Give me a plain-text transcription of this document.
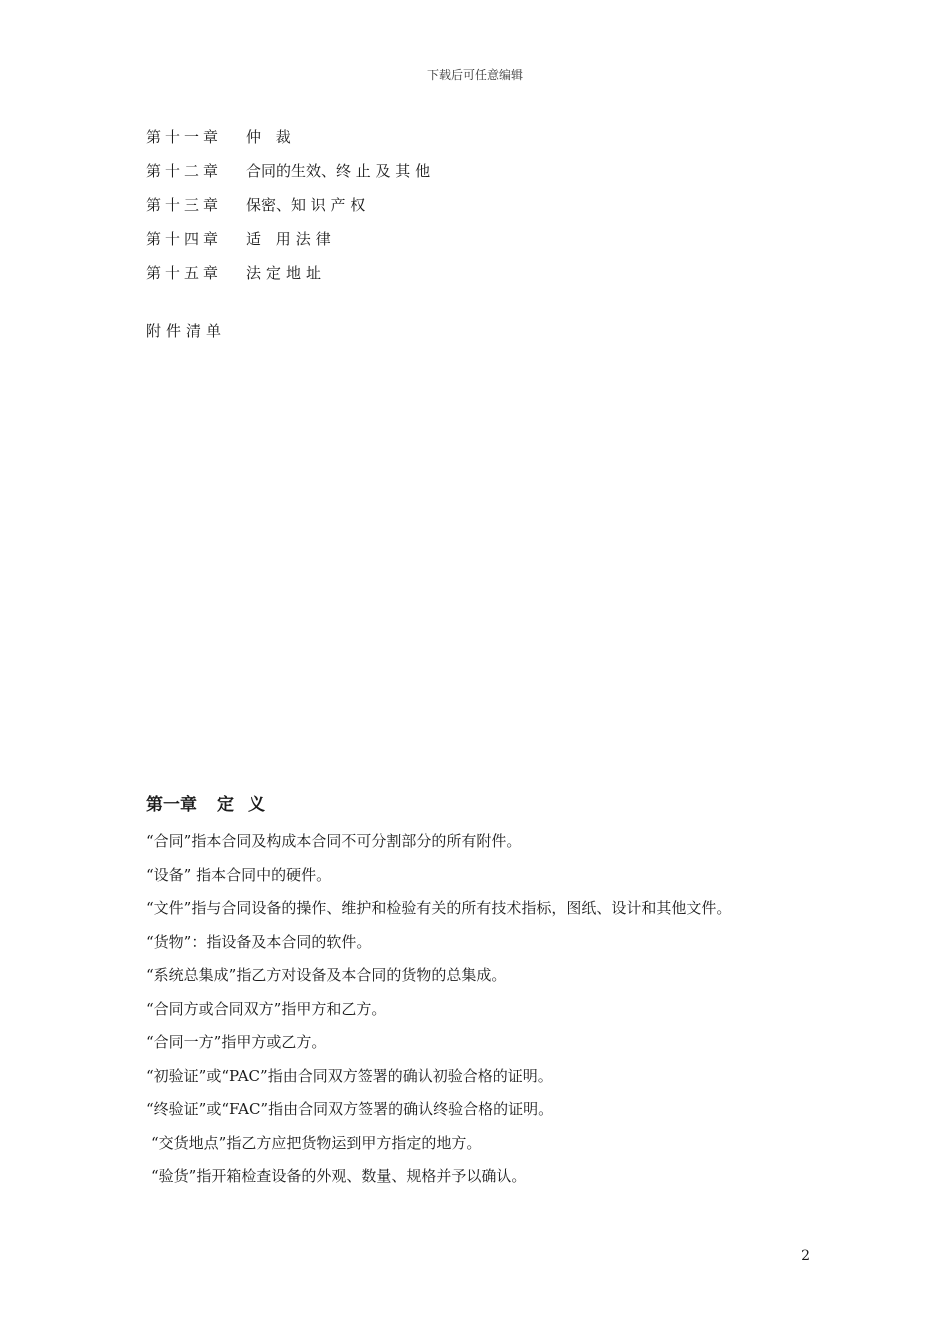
下载后可任意编辑
第十一章 仲 裁
第十二章 合同的生效、终 止 及 其 他
第十三章 保密、知 识 产 权
第十四章 适 用法律
第十五章 法定地址
附件清单
第一章 定义
“合同”指本合同及构成本合同不可分割部分的所有附件。
“设备” 指本合同中的硬件。
“文件”指与合同设备的操作、维护和检验有关的所有技术指标，图纸、设计和其他文件。
“货物”：指设备及本合同的软件。
“系统总集成”指乙方对设备及本合同的货物的总集成。
“合同方或合同双方”指甲方和乙方。
“合同一方”指甲方或乙方。
“初验证”或“PAC”指由合同双方签署的确认初验合格的证明。
“终验证”或“FAC”指由合同双方签署的确认终验合格的证明。
“交货地点”指乙方应把货物运到甲方指定的地方。
“验货”指开箱检查设备的外观、数量、规格并予以确认。
2
